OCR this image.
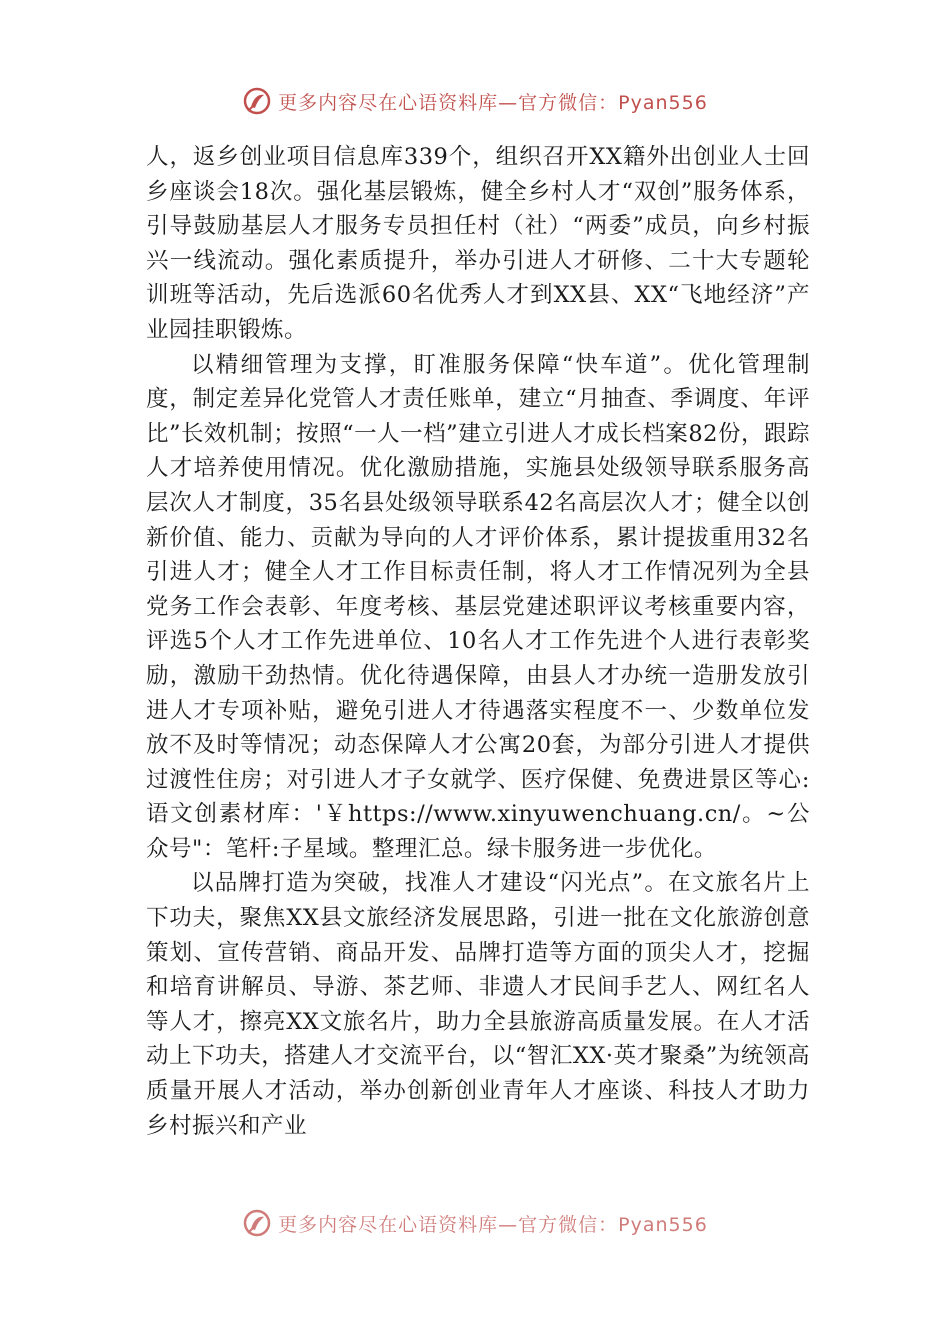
更多内容尽在心语资料库—官方微信：Pyan556

人，返乡创业项目信息库339个，组织召开XX籍外出创业人士回乡座谈会18次。强化基层锻炼，健全乡村人才“双创”服务体系，引导鼓励基层人才服务专员担任村（社）“两委”成员，向乡村振兴一线流动。强化素质提升，举办引进人才研修、二十大专题轮训班等活动，先后选派60名优秀人才到XX县、XX“飞地经济”产业园挂职锻炼。

以精细管理为支撑，盯准服务保障“快车道”。优化管理制度，制定差异化党管人才责任账单，建立“月抽查、季调度、年评比”长效机制；按照“一人一档”建立引进人才成长档案82份，跟踪人才培养使用情况。优化激励措施，实施县处级领导联系服务高层次人才制度，35名县处级领导联系42名高层次人才；健全以创新价值、能力、贡献为导向的人才评价体系，累计提拔重用32名引进人才；健全人才工作目标责任制，将人才工作情况列为全县党务工作会表彰、年度考核、基层党建述职评议考核重要内容，评选5个人才工作先进单位、10名人才工作先进个人进行表彰奖励，激励干劲热情。优化待遇保障，由县人才办统一造册发放引进人才专项补贴，避免引进人才待遇落实程度不一、少数单位发放不及时等情况；动态保障人才公寓20套，为部分引进人才提供过渡性住房；对引进人才子女就学、医疗保健、免费进景区等心:语文创素材库：'￥https://www.xinyuwenchuang.cn/。~公众号"：笔杆:子星域。整理汇总。绿卡服务进一步优化。

以品牌打造为突破，找准人才建设“闪光点”。在文旅名片上下功夫，聚焦XX县文旅经济发展思路，引进一批在文化旅游创意策划、宣传营销、商品开发、品牌打造等方面的顶尖人才，挖掘和培育讲解员、导游、茶艺师、非遗人才民间手艺人、网红名人等人才，擦亮XX文旅名片，助力全县旅游高质量发展。在人才活动上下功夫，搭建人才交流平台，以“智汇XX·英才聚桑”为统领高质量开展人才活动，举办创新创业青年人才座谈、科技人才助力乡村振兴和产业

更多内容尽在心语资料库—官方微信：Pyan556
